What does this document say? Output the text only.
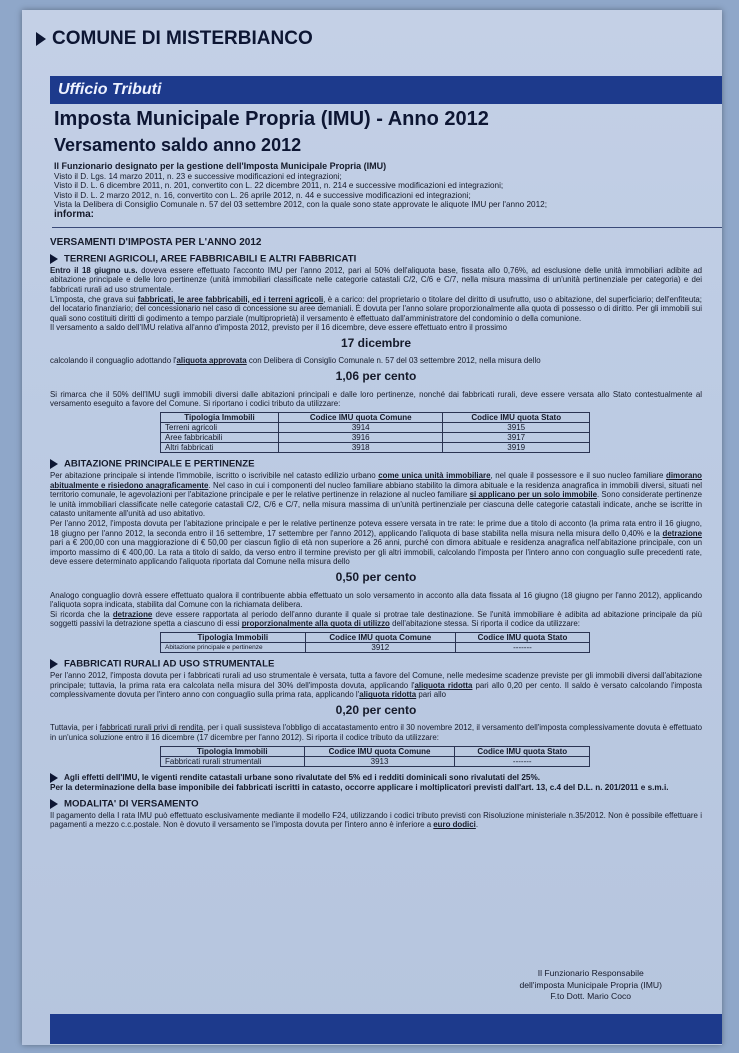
COMUNE DI MISTERBIANCO
Ufficio Tributi
Imposta Municipale Propria (IMU) - Anno 2012
Versamento saldo anno 2012
Il Funzionario designato per la gestione dell'Imposta Municipale Propria (IMU)
Visto il D. Lgs. 14 marzo 2011, n. 23 e successive modificazioni ed integrazioni;
Visto il D. L. 6 dicembre 2011, n. 201, convertito con L. 22 dicembre 2011, n. 214 e successive modificazioni ed integrazioni;
Visto il D. L. 2 marzo 2012, n. 16, convertito con L. 26 aprile 2012, n. 44 e successive modificazioni ed integrazioni;
Vista la Delibera di Consiglio Comunale n. 57 del 03 settembre 2012, con la quale sono state approvate le aliquote IMU per l'anno 2012;
informa:
VERSAMENTI D'IMPOSTA PER L'ANNO 2012
TERRENI AGRICOLI, AREE FABBRICABILI E ALTRI FABBRICATI

Entro il 18 giugno u.s. doveva essere effettuato l'acconto IMU per l'anno 2012, pari al 50% dell'aliquota base, fissata allo 0,76%, ad esclusione delle unità immobiliari adibite ad abitazione principale e delle loro pertinenze (unità immobiliari classificate nelle categorie catastali C/2, C/6 e C/7, nella misura massima di un'unità pertinenziale per categoria) e dei fabbricati rurali ad uso strumentale.

L'imposta, che grava sui fabbricati, le aree fabbricabili, ed i terreni agricoli, è a carico: del proprietario o titolare del diritto di usufrutto, uso o abitazione, del superficiario; dell'enfiteuta; del locatario finanziario; del concessionario nel caso di concessione su aree demaniali. È dovuta per l'anno solare proporzionalmente alla quota di possesso o di diritto. Per gli immobili sui quali sono costituiti diritti di godimento a tempo parziale (multiproprietà) il versamento è effettuato dall'amministratore del condominio o della comunione.

Il versamento a saldo dell'IMU relativa all'anno d'imposta 2012, previsto per il 16 dicembre, deve essere effettuato entro il prossimo

17 dicembre

calcolando il conguaglio adottando l'aliquota approvata con Delibera di Consiglio Comunale n. 57 del 03 settembre 2012, nella misura dello

1,06 per cento

Si rimarca che il 50% dell'IMU sugli immobili diversi dalle abitazioni principali e dalle loro pertinenze, nonché dai fabbricati rurali, deve essere versata allo Stato contestualmente al versamento eseguito a favore del Comune. Si riportano i codici tributo da utilizzare:

Tipologia Immobili	Codice IMU quota Comune	Codice IMU quota Stato
Terreni agricoli	3914	3915
Aree fabbricabili	3916	3917
Altri fabbricati	3918	3919
ABITAZIONE PRINCIPALE E PERTINENZE

Per abitazione principale si intende l'immobile, iscritto o iscrivibile nel catasto edilizio urbano come unica unità immobiliare, nel quale il possessore e il suo nucleo familiare dimorano abitualmente e risiedono anagraficamente. Nel caso in cui i componenti del nucleo familiare abbiano stabilito la dimora abituale e la residenza anagrafica in immobili diversi, situati nel territorio comunale, le agevolazioni per l'abitazione principale e per le relative pertinenze in relazione al nucleo familiare si applicano per un solo immobile. Sono considerate pertinenze le unità immobiliari classificate nelle categorie catastali C/2, C/6 e C/7, nella misura massima di un'unità pertinenziale per ciascuna delle categorie catastali indicate, anche se iscritte in catasto unitamente all'unità ad uso abitativo.

Per l'anno 2012, l'imposta dovuta per l'abitazione principale e per le relative pertinenze poteva essere versata in tre rate: le prime due a titolo di acconto (la prima rata entro il 16 giugno, 18 giugno per l'anno 2012, la seconda entro il 16 settembre, 17 settembre per l'anno 2012), applicando l'aliquota di base stabilita nella misura nella misura dello 0,40% e la detrazione pari a € 200,00 con una maggiorazione di € 50,00 per ciascun figlio di età non superiore a 26 anni, purché con dimora abituale e residenza anagrafica nell'abitazione principale, con un importo massimo di € 400,00. La rata a titolo di saldo, da verso entro il termine previsto per gli altri immobili, calcolando l'imposta per l'intero anno con conguaglio sulle precedenti rate, deve essere determinato applicando l'aliquota riportata dal Comune nella misura dello

0,50 per cento

Analogo conguaglio dovrà essere effettuato qualora il contribuente abbia effettuato un solo versamento in acconto alla data fissata al 16 giugno (18 giugno per l'anno 2012), applicando l'aliquota sopra indicata, stabilita dal Comune con la richiamata delibera.

Si ricorda che la detrazione deve essere rapportata al periodo dell'anno durante il quale si protrae tale destinazione. Se l'unità immobiliare è adibita ad abitazione principale da più soggetti passivi la detrazione spetta a ciascuno di essi proporzionalmente alla quota di utilizzo dell'abitazione stessa. Si riporta il codice da utilizzare:

Tipologia Immobili	Codice IMU quota Comune	Codice IMU quota Stato
Abitazione principale e pertinenze	3912	-------
FABBRICATI RURALI AD USO STRUMENTALE

Per l'anno 2012, l'imposta dovuta per i fabbricati rurali ad uso strumentale è versata, tutta a favore del Comune, nelle medesime scadenze previste per gli immobili diversi dall'abitazione principale; tuttavia, la prima rata era calcolata nella misura del 30% dell'imposta dovuta, applicando l'aliquota ridotta pari allo 0,20 per cento. Il saldo è versato calcolando l'imposta complessivamente dovuta per l'intero anno con conguaglio sulla prima rata, applicando l'aliquota ridotta pari allo

0,20 per cento

Tuttavia, per i fabbricati rurali privi di rendita, per i quali sussisteva l'obbligo di accatastamento entro il 30 novembre 2012, il versamento dell'imposta complessivamente dovuta è effettuato in un'unica soluzione entro il 16 dicembre (17 dicembre per l'anno 2012). Si riporta il codice tributo da utilizzare:

Tipologia Immobili	Codice IMU quota Comune	Codice IMU quota Stato
Fabbricati rurali strumentali	3913	-------
Agli effetti dell'IMU, le vigenti rendite catastali urbane sono rivalutate del 5% ed i redditi dominicali sono rivalutati del 25%.
Per la determinazione della base imponibile dei fabbricati iscritti in catasto, occorre applicare i moltiplicatori previsti dall'art. 13, c.4 del D.L. n. 201/2011 e s.m.i.
MODALITA' DI VERSAMENTO

Il pagamento della I rata IMU può effettuato esclusivamente mediante il modello F24, utilizzando i codici tributo previsti con Risoluzione ministeriale n.35/2012. Non è possibile effettuare i pagamenti a mezzo c.c.postale. Non è dovuto il versamento se l'imposta dovuta per l'intero anno è inferiore a euro dodici.

Il Funzionario Responsabile
dell'imposta Municipale Propria (IMU)
F.to Dott. Mario Coco
